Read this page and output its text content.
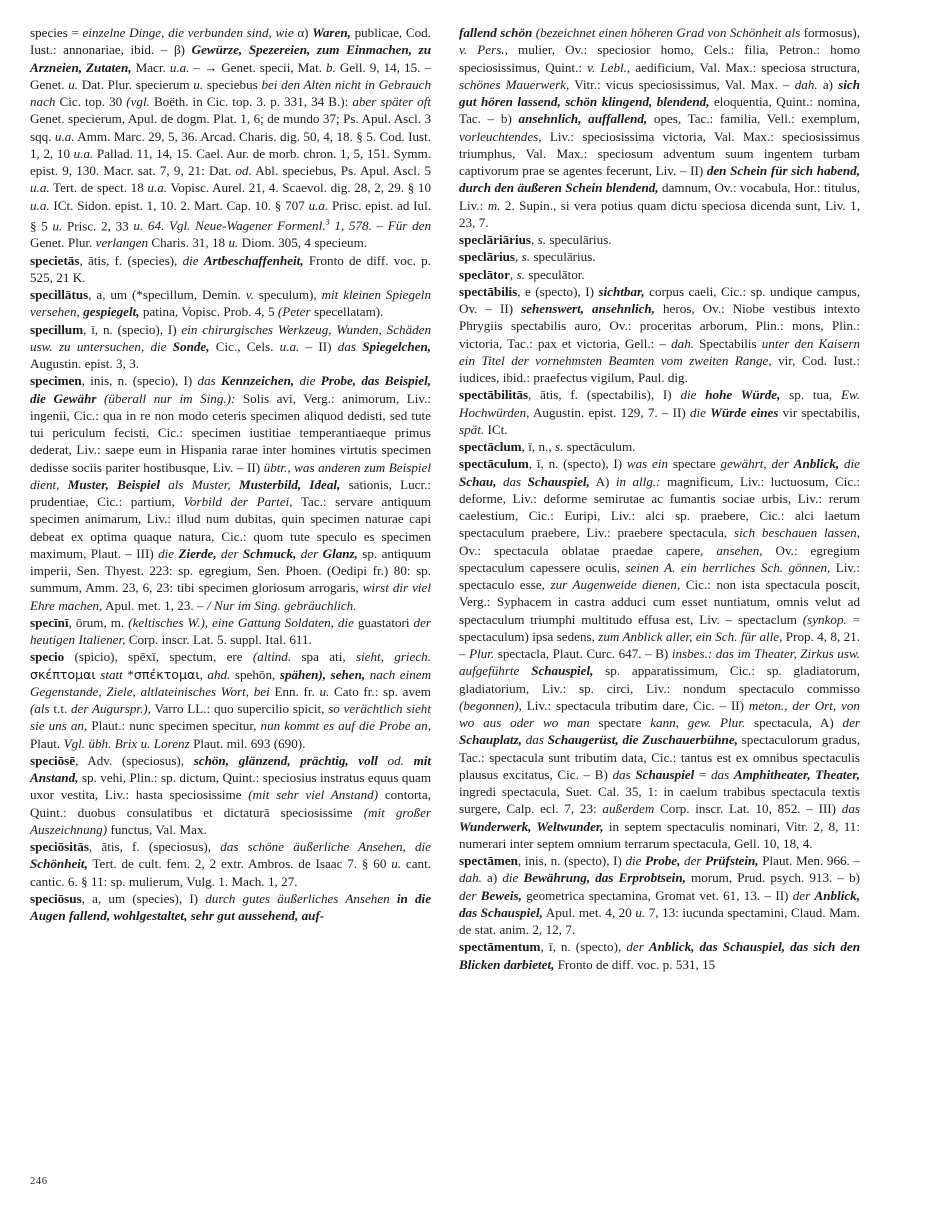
species = einzelne Dinge, die verbunden sind, wie α) Waren, publicae, Cod. Iust.: annonariae, ibid. – β) Gewürze, Spezereien, zum Einmachen, zu Arzneien, Zutaten, Macr. u.a. – → Genet. specii, Mat. b. Gell. 9, 14, 15. – Genet. u. Dat. Plur. specierum u. speciebus bei den Alten nicht in Gebrauch nach Cic. top. 30 (vgl. Boëth. in Cic. top. 3. p. 331, 34 B.): aber später oft Genet. specierum, Apul. de dogm. Plat. 1, 6; de mundo 37; Ps. Apul. Ascl. 3 sqq. u.a. Amm. Marc. 29, 5, 36. Arcad. Charis. dig. 50, 4, 18. § 5. Cod. Iust. 1, 2, 10 u.a. Pallad. 11, 14, 15. Cael. Aur. de morb. chron. 1, 5, 151. Symm. epist. 9, 130. Macr. sat. 7, 9, 21: Dat. od. Abl. speciebus, Ps. Apul. Ascl. 5 u.a. Tert. de spect. 18 u.a. Vopisc. Aurel. 21, 4. Scaevol. dig. 28, 2, 29. § 10 u.a. ICt. Sidon. epist. 1, 10. 2. Mart. Cap. 10. § 707 u.a. Prisc. epist. ad Iul. § 5 u. Prisc. 2, 33 u. 64. Vgl. Neue-Wagener Formenl.$^3$ 1, 578. – Für den Genet. Plur. verlangen Charis. 31, 18 u. Diom. 305, 4 specieum.
specietās, ātis, f. (species), die Artbeschaffenheit, Fronto de diff. voc. p. 525, 21 K.
specillātus, a, um (*specillum, Demin. v. speculum), mit kleinen Spiegeln versehen, gespiegelt, patina, Vopisc. Prob. 4, 5 (Peter specellatam).
specillum, ī, n. (specio), I) ein chirurgisches Werkzeug, Wunden, Schäden usw. zu untersuchen, die Sonde, Cic., Cels. u.a. – II) das Spiegelchen, Augustin. epist. 3, 3.
specimen, inis, n. (specio), I) das Kennzeichen, die Probe, das Beispiel, die Gewähr (überall nur im Sing.): Solis avi, Verg.: animorum, Liv.: ingenii, Cic.: qua in re non modo ceteris specimen aliquod dedisti, sed tute tui periculum fecisti, Cic.: specimen iustitiae temperantiaeque primus dederat, Liv.: saepe eum in Hispania rarae inter homines virtutis specimen dedisse sociis pariter hostibusque, Liv. – II) übtr., was anderen zum Beispiel dient, Muster, Beispiel als Muster, Musterbild, Ideal, sationis, Lucr.: prudentiae, Cic.: partium, Vorbild der Partei, Tac.: servare antiquum specimen animarum, Liv.: illud num dubitas, quin specimen naturae capi debeat ex optima quaque natura, Cic.: quom tute speculo es specimen maximum, Plaut. – III) die Zierde, der Schmuck, der Glanz, sp. antiquum imperii, Sen. Thyest. 223: sp. egregium, Sen. Phoen. (Oedipi fr.) 80: sp. summum, Amm. 23, 6, 23: tibi specimen gloriosum arrogaris, wirst dir viel Ehre machen, Apul. met. 1, 23. – / Nur im Sing. gebräuchlich.
specīnī, ōrum, m. (keltisches W.), eine Gattung Soldaten, die guastatori der heutigen Italiener, Corp. inscr. Lat. 5. suppl. Ital. 611.
specio (spicio), spēxī, spectum, ere (altind. spa ati, sieht, griech. σκέπτομαι statt *σπέκτομαι, ahd. spehōn, spähen), sehen, nach einem Gegenstande, Ziele, altlateinisches Wort, bei Enn. fr. u. Cato fr.: sp. avem (als t.t. der Augurspr.), Varro LL.: quo supercilio spicit, so verächtlich sieht sie uns an, Plaut.: nunc specimen specitur, nun kommt es auf die Probe an, Plaut. Vgl. übh. Brix u. Lorenz Plaut. mil. 693 (690).
speciōsē, Adv. (speciosus), schön, glänzend, prächtig, voll od. mit Anstand, sp. vehi, Plin.: sp. dictum, Quint.: speciosius instratus equus quam uxor vestita, Liv.: hasta speciosissime (mit sehr viel Anstand) contorta, Quint.: duobus consulatibus et dictaturā speciosissime (mit großer Auszeichnung) functus, Val. Max.
speciōsitās, ātis, f. (speciosus), das schöne äußerliche Ansehen, die Schönheit, Tert. de cult. fem. 2, 2 extr. Ambros. de Isaac 7. § 60 u. cant. cantic. 6. § 11: sp. mulierum, Vulg. 1. Mach. 1, 27.
speciōsus, a, um (species), I) durch gutes äußerliches Ansehen in die Augen fallend, wohlgestaltet, sehr gut aussehend, auf-
fallend schön (bezeichnet einen höheren Grad von Schönheit als formosus), v. Pers., mulier, Ov.: speciosior homo, Cels.: filia, Petron.: homo speciosissimus, Quint.: v. Lebl., aedificium, Val. Max.: speciosa structura, schönes Mauerwerk, Vitr.: vicus speciosissimus, Val. Max. – dah. a) sich gut hören lassend, schön klingend, blendend, eloquentia, Quint.: nomina, Tac. – b) ansehnlich, auffallend, opes, Tac.: familia, Vell.: exemplum, vorleuchtendes, Liv.: speciosissima victoria, Val. Max.: speciosissimus triumphus, Val. Max.: speciosum adventum suum ingentem turbam captivorum prae se agentes fecerunt, Liv. – II) den Schein für sich habend, durch den äußeren Schein blendend, damnum, Ov.: vocabula, Hor.: titulus, Liv.: m. 2. Supin., si vera potius quam dictu speciosa dicenda sunt, Liv. 1, 23, 7.
speclāriārius, s. speculārius.
speclārius, s. speculārius.
speclātor, s. speculātor.
spectābilis, e (specto), I) sichtbar, corpus caeli, Cic.: sp. undique campus, Ov. – II) sehenswert, ansehnlich, heros, Ov.: Niobe vestibus intexto Phrygiis spectabilis auro, Ov.: proceritas arborum, Plin.: mons, Plin.: victoria, Tac.: pax et victoria, Gell.: – dah. Spectabilis unter den Kaisern ein Titel der vornehmsten Beamten vom zweiten Range, vir, Cod. Iust.: iudices, ibid.: praefectus vigilum, Paul. dig.
spectābilitās, ātis, f. (spectabilis), I) die hohe Würde, sp. tua, Ew. Hochwürden, Augustin. epist. 129, 7. – II) die Würde eines vir spectabilis, spät. ICt.
spectāclum, ī, n., s. spectāculum.
spectāculum, ī, n. (specto), I) was ein spectare gewährt, der Anblick, die Schau, das Schauspiel, A) in allg.: magnificum, Liv.: luctuosum, Cic.: deforme, Liv.: deforme semirutae ac fumantis sociae urbis, Liv.: rerum caelestium, Cic.: Euripi, Liv.: alci sp. praebere, Cic.: alci laetum spectaculum praebere, Liv.: praebere spectacula, sich beschauen lassen, Ov.: spectacula oblatae praedae capere, ansehen, Ov.: egregium spectaculum capessere oculis, seinen A. ein herrliches Sch. gönnen, Liv.: spectaculo esse, zur Augenweide dienen, Cic.: non ista spectacula poscit, Verg.: Syphacem in castra adduci cum esset nuntiatum, omnis velut ad spectaculum triumphi multitudo effusa est, Liv. – spectaclum (synkop. = spectaculum) ipsa sedens, zum Anblick aller, ein Sch. für alle, Prop. 4, 8, 21. – Plur. spectacla, Plaut. Curc. 647. – B) insbes.: das im Theater, Zirkus usw. aufgeführte Schauspiel, sp. apparatissimum, Cic.: sp. gladiatorum, gladiatorium, Liv.: sp. circi, Liv.: nondum spectaculo commisso (begonnen), Liv.: spectacula tributim dare, Cic. – II) meton., der Ort, von wo aus oder wo man spectare kann, gew. Plur. spectacula, A) der Schauplatz, das Schaugerüst, die Zuschauerbühne, spectaculorum gradus, Tac.: spectacula sunt tributim data, Cic.: tantus est ex omnibus spectaculis plausus excitatus, Cic. – B) das Schauspiel = das Amphitheater, Theater, ingredi spectacula, Suet. Cal. 35, 1: in caelum trabibus spectacula textis surgere, Calp. ecl. 7, 23: außerdem Corp. inscr. Lat. 10, 852. – III) das Wunderwerk, Weltwunder, in septem spectaculis nominari, Vitr. 2, 8, 11: numerari inter septem omnium terrarum spectacula, Gell. 10, 18, 4.
spectāmen, inis, n. (specto), I) die Probe, der Prüfstein, Plaut. Men. 966. – dah. a) die Bewährung, das Erprobtsein, morum, Prud. psych. 913. – b) der Beweis, geometrica spectamina, Gromat vet. 61, 13. – II) der Anblick, das Schauspiel, Apul. met. 4, 20 u. 7, 13: iucunda spectamini, Claud. Mam. de stat. anim. 2, 12, 7.
spectāmentum, ī, n. (specto), der Anblick, das Schauspiel, das sich den Blicken darbietet, Fronto de diff. voc. p. 531, 15
246
